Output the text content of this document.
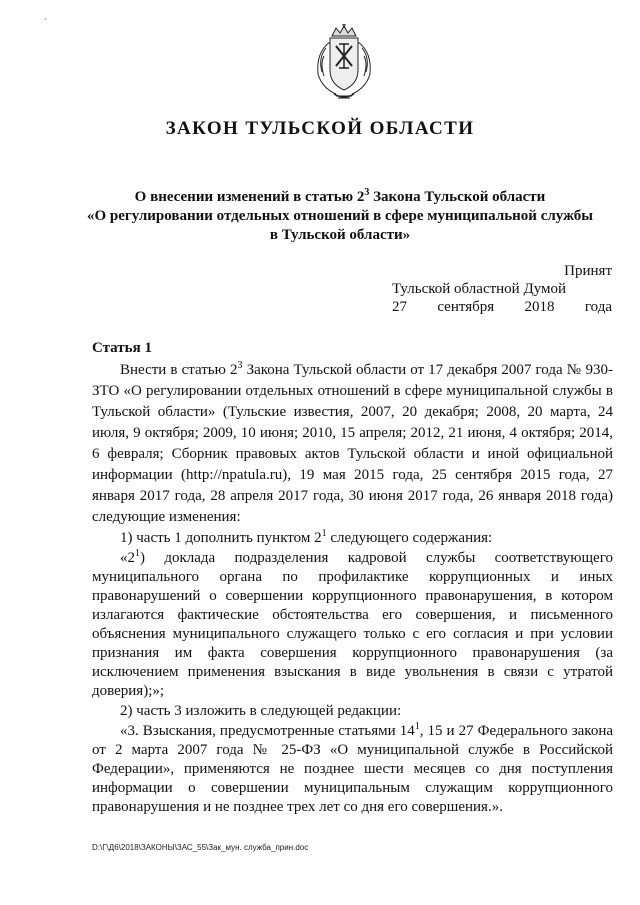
ˎ
ЗАКОН ТУЛЬСКОЙ ОБЛАСТИ
О внесении изменений в статью $2^3$ Закона Тульской области
«О регулировании отдельных отношений в сфере муниципальной службы
в Тульской области»
Принят
Тульской областной Думой
27 сентября 2018 года
Статья 1

Внести в статью $2^3$ Закона Тульской области от 17 декабря 2007 года № 930-ЗТО «О регулировании отдельных отношений в сфере муниципальной службы в Тульской области» (Тульские известия, 2007, 20 декабря; 2008, 20 марта, 24 июля, 9 октября; 2009, 10 июня; 2010, 15 апреля; 2012, 21 июня, 4 октября; 2014, 6 февраля; Сборник правовых актов Тульской области и иной официальной информации (http://npatula.ru), 19 мая 2015 года, 25 сентября 2015 года, 27 января 2017 года, 28 апреля 2017 года, 30 июня 2017 года, 26 января 2018 года) следующие изменения:

1) часть 1 дополнить пунктом $2^1$ следующего содержания:

«$2^1$) доклада подразделения кадровой службы соответствующего муниципального органа по профилактике коррупционных и иных правонарушений о совершении коррупционного правонарушения, в котором излагаются фактические обстоятельства его совершения, и письменного объяснения муниципального служащего только с его согласия и при условии признания им факта совершения коррупционного правонарушения (за исключением применения взыскания в виде увольнения в связи с утратой доверия);»;

2) часть 3 изложить в следующей редакции:

«3. Взыскания, предусмотренные статьями $14^1$, 15 и 27 Федерального закона от 2 марта 2007 года № 25-ФЗ «О муниципальной службе в Российской Федерации», применяются не позднее шести месяцев со дня поступления информации о совершении муниципальным служащим коррупционного правонарушения и не позднее трех лет со дня его совершения.».

D:\Г\Д6\2018\ЗАКОНЫ\ЗАС_55\Зак_мун. служба_прин.doc
